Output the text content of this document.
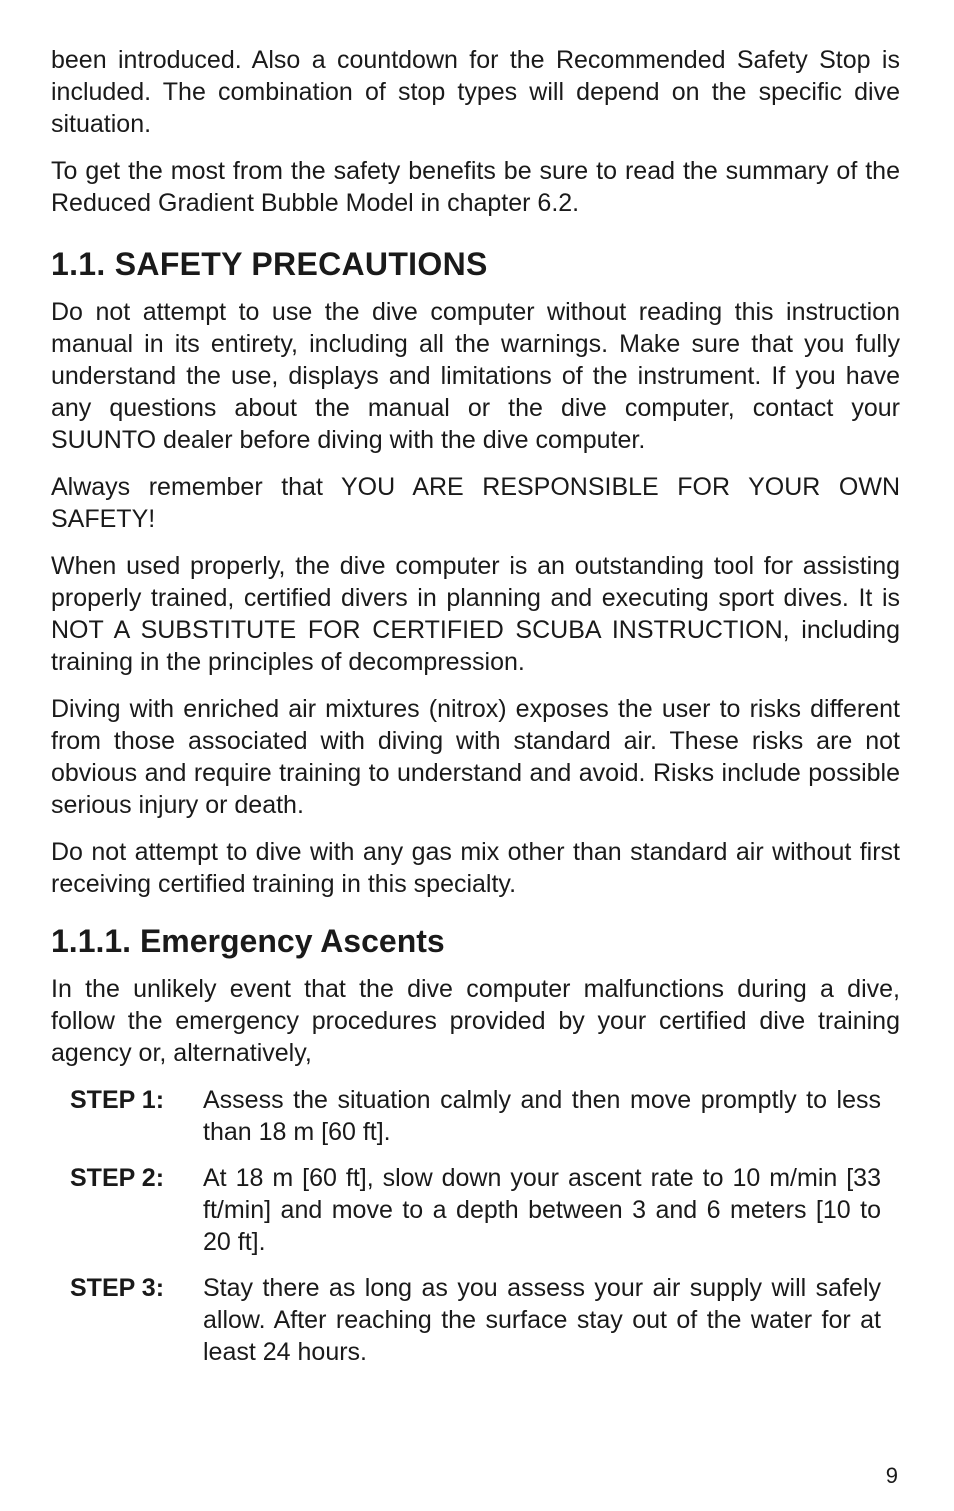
been introduced. Also a countdown for the Recommended Safety Stop is included. The combination of stop types will depend on the specific dive situation.

To get the most from the safety benefits be sure to read the summary of the Reduced Gradient Bubble Model in chapter 6.2.

1.1. SAFETY PRECAUTIONS

Do not attempt to use the dive computer without reading this instruction manual in its entirety, including all the warnings. Make sure that you fully understand the use, displays and limitations of the instrument. If you have any questions about the manual or the dive computer, contact your SUUNTO dealer before diving with the dive computer.

Always remember that YOU ARE RESPONSIBLE FOR YOUR OWN SAFETY!

When used properly, the dive computer is an outstanding tool for assisting properly trained, certified divers in planning and executing sport dives. It is NOT A SUBSTITUTE FOR CERTIFIED SCUBA INSTRUCTION, including training in the principles of decompression.

Diving with enriched air mixtures (nitrox) exposes the user to risks different from those associated with diving with standard air. These risks are not obvious and require training to understand and avoid. Risks include possible serious injury or death.

Do not attempt to dive with any gas mix other than standard air without first receiving certified training in this specialty.

1.1.1. Emergency Ascents

In the unlikely event that the dive computer malfunctions during a dive, follow the emergency procedures provided by your certified dive training agency or, alternatively,

STEP 1:	Assess the situation calmly and then move promptly to less than 18 m [60 ft].
STEP 2:	At 18 m [60 ft], slow down your ascent rate to 10 m/min [33 ft/min] and move to a depth between 3 and 6 meters [10 to 20 ft].
STEP 3:	Stay there as long as you assess your air supply will safely allow. After reaching the surface stay out of the water for at least 24 hours.
9
